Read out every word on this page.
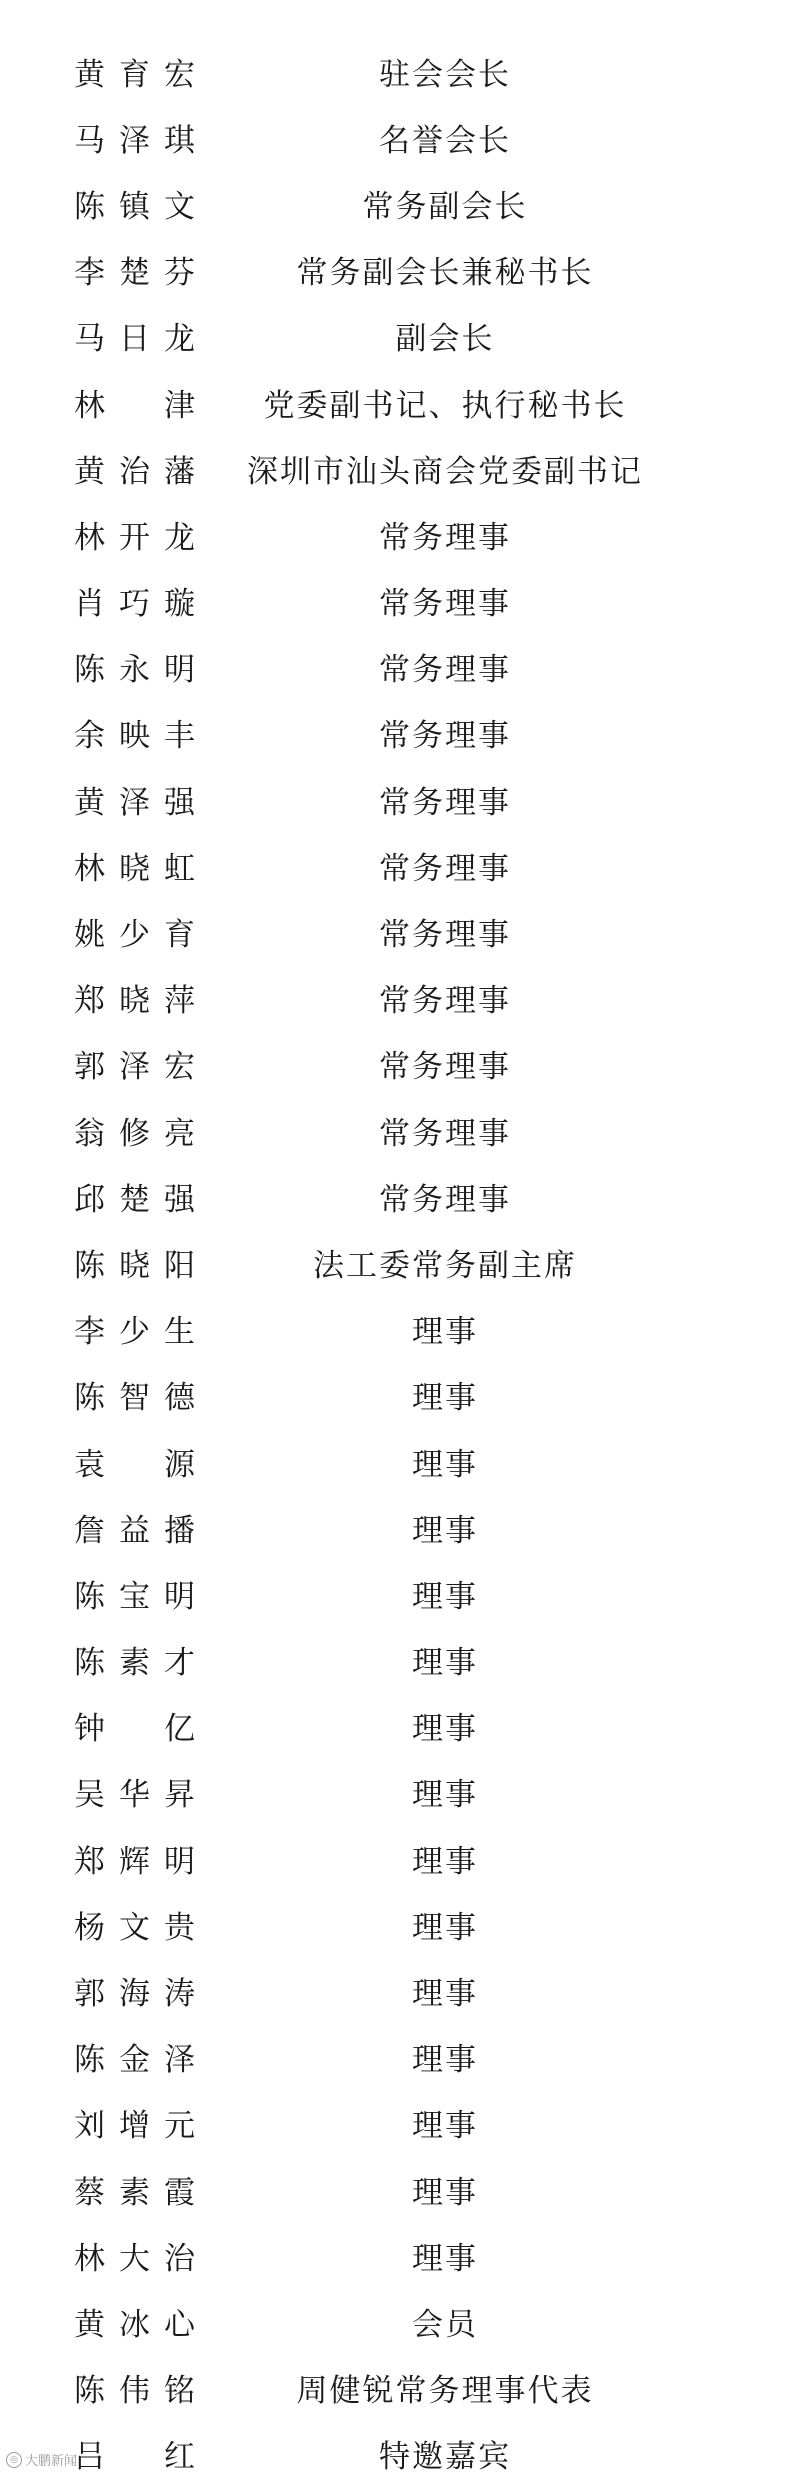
黄育宏	驻会会长
马泽琪	名誉会长
陈镇文	常务副会长
李楚芬	常务副会长兼秘书长
马日龙	副会长
林　津	党委副书记、执行秘书长
黄治藩	深圳市汕头商会党委副书记
林开龙	常务理事
肖巧璇	常务理事
陈永明	常务理事
余映丰	常务理事
黄泽强	常务理事
林晓虹	常务理事
姚少育	常务理事
郑晓萍	常务理事
郭泽宏	常务理事
翁修亮	常务理事
邱楚强	常务理事
陈晓阳	法工委常务副主席
李少生	理事
陈智德	理事
袁　源	理事
詹益播	理事
陈宝明	理事
陈素才	理事
钟　亿	理事
吴华昇	理事
郑辉明	理事
杨文贵	理事
郭海涛	理事
陈金泽	理事
刘增元	理事
蔡素霞	理事
林大治	理事
黄冰心	会员
陈伟铭	周健锐常务理事代表
吕　红	特邀嘉宾
◎ 大鹏新闻
